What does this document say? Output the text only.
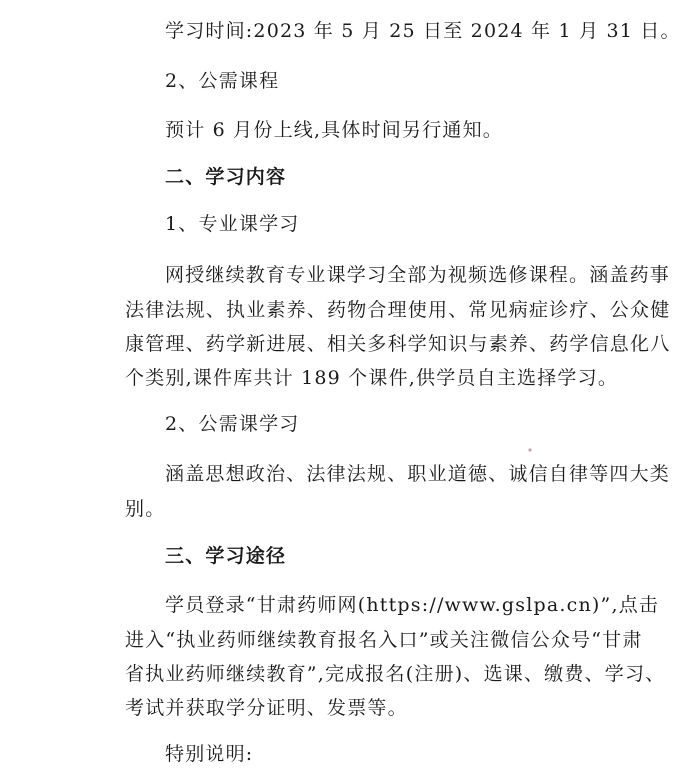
学习时间:2023 年 5 月 25 日至 2024 年 1 月 31 日。
2、公需课程
预计 6 月份上线,具体时间另行通知。
二、学习内容
1、专业课学习
网授继续教育专业课学习全部为视频选修课程。涵盖药事
法律法规、执业素养、药物合理使用、常见病症诊疗、公众健
康管理、药学新进展、相关多科学知识与素养、药学信息化八
个类别,课件库共计 189 个课件,供学员自主选择学习。
2、公需课学习
涵盖思想政治、法律法规、职业道德、诚信自律等四大类
别。
三、学习途径
学员登录“甘肃药师网(https://www.gslpa.cn)”,点击
进入“执业药师继续教育报名入口”或关注微信公众号“甘肃
省执业药师继续教育”,完成报名(注册)、选课、缴费、学习、
考试并获取学分证明、发票等。
特别说明:
